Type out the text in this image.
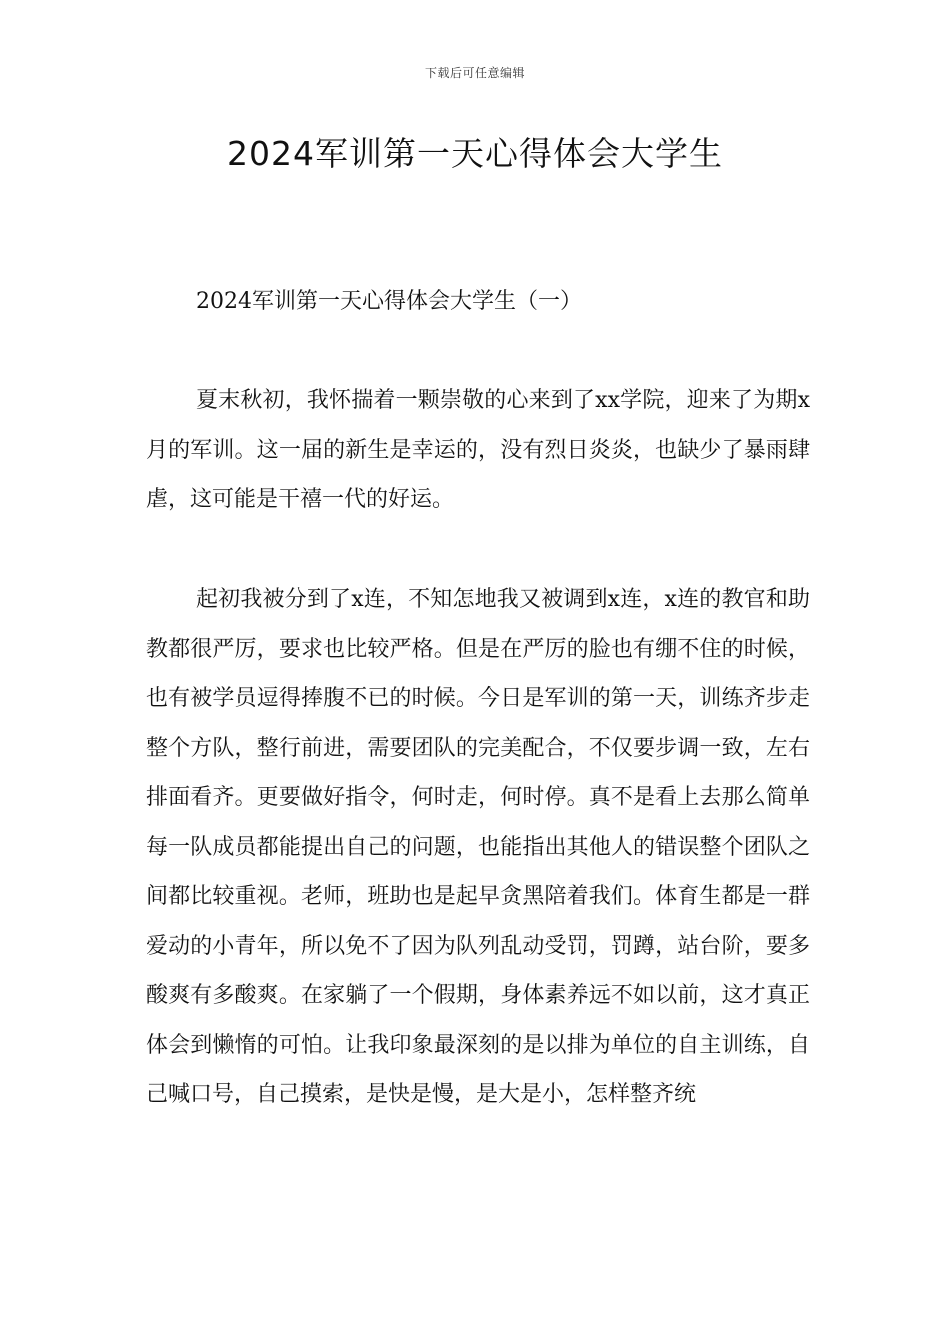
下载后可任意编辑
2024军训第一天心得体会大学生
2024军训第一天心得体会大学生（一）

夏末秋初，我怀揣着一颗崇敬的心来到了xx学院，迎来了为期x月的军训。这一届的新生是幸运的，没有烈日炎炎，也缺少了暴雨肆虐，这可能是干禧一代的好运。

起初我被分到了x连，不知怎地我又被调到x连，x连的教官和助教都很严厉，要求也比较严格。但是在严厉的脸也有绷不住的时候，也有被学员逗得捧腹不已的时候。今日是军训的第一天，训练齐步走整个方队，整行前进，需要团队的完美配合，不仅要步调一致，左右排面看齐。更要做好指令，何时走，何时停。真不是看上去那么简单每一队成员都能提出自己的问题，也能指出其他人的错误整个团队之间都比较重视。老师，班助也是起早贪黑陪着我们。体育生都是一群爱动的小青年，所以免不了因为队列乱动受罚，罚蹲，站台阶，要多酸爽有多酸爽。在家躺了一个假期，身体素养远不如以前，这才真正体会到懒惰的可怕。让我印象最深刻的是以排为单位的自主训练，自己喊口号，自己摸索，是快是慢，是大是小，怎样整齐统
